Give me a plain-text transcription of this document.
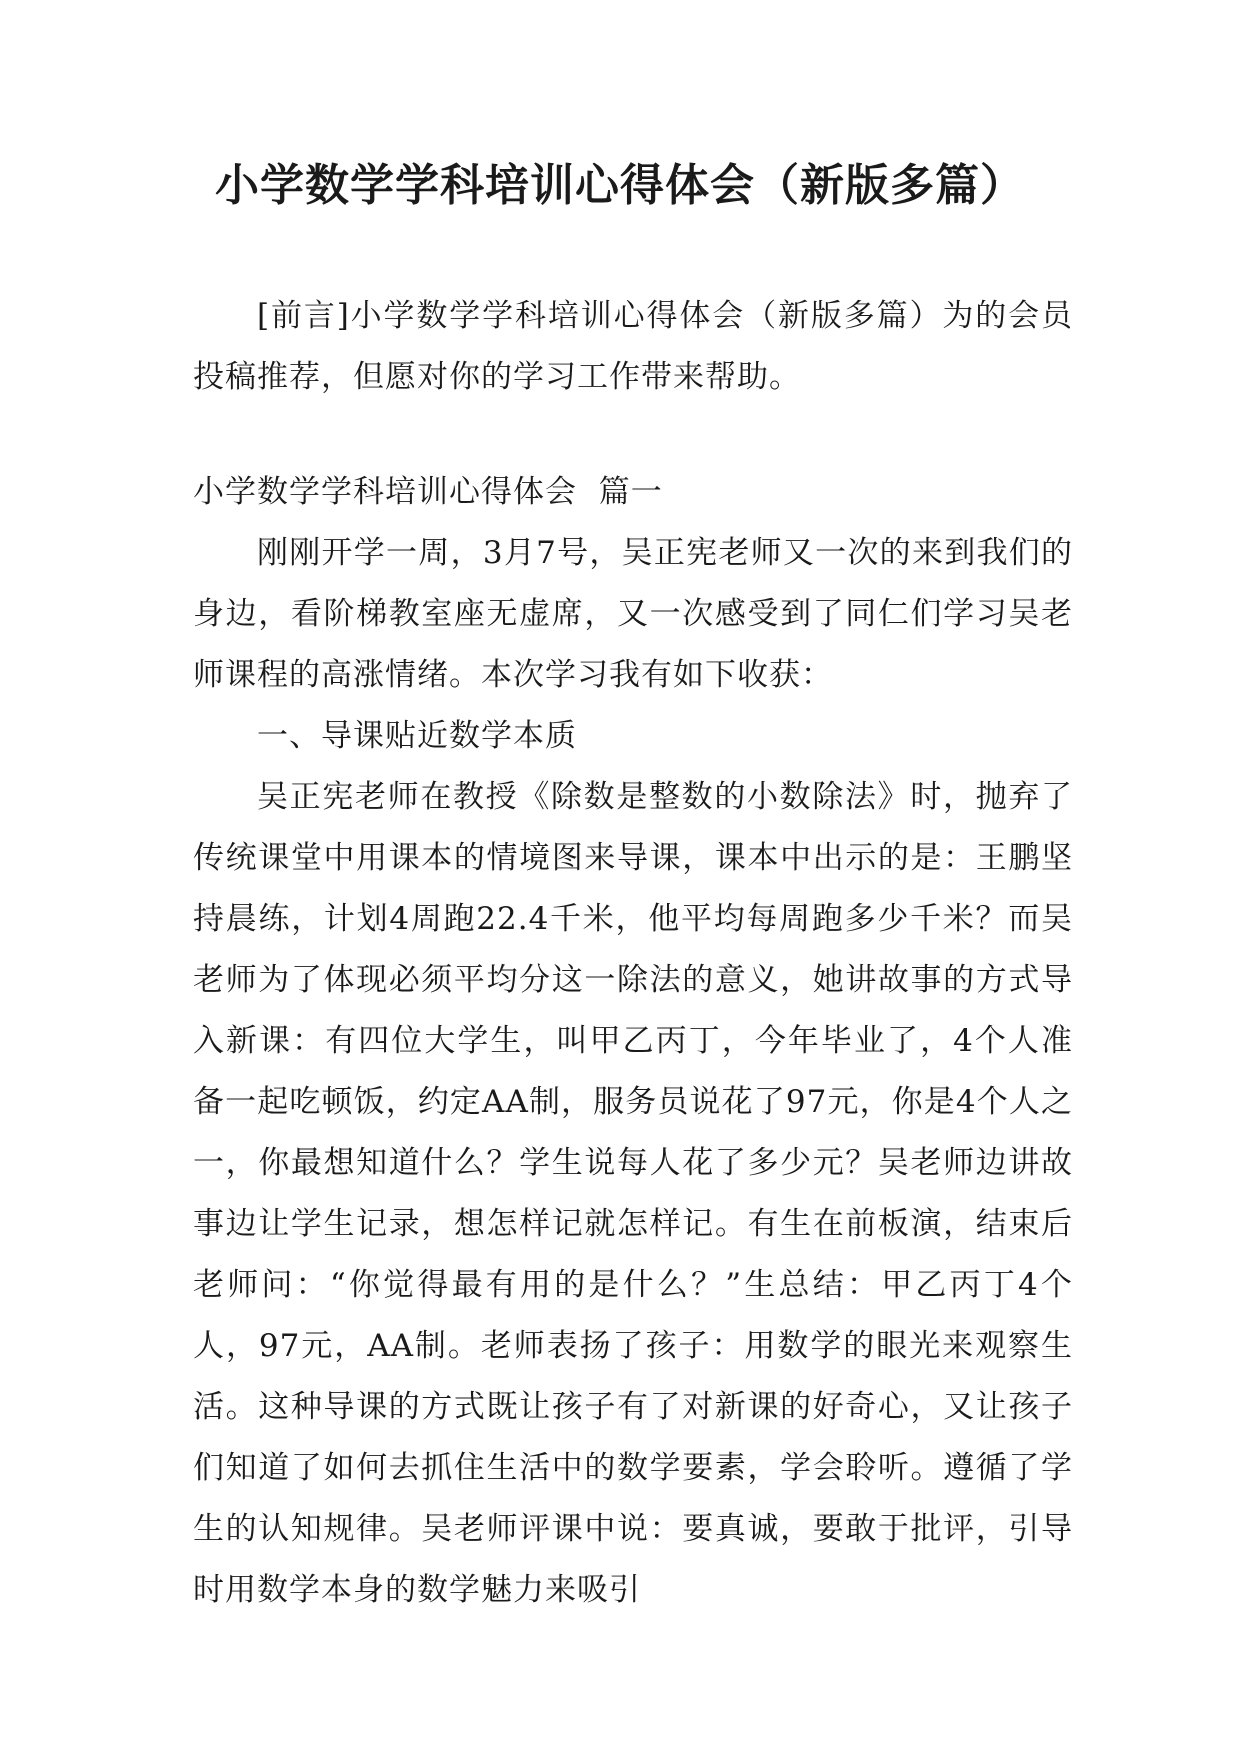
小学数学学科培训心得体会（新版多篇）

[前言]小学数学学科培训心得体会（新版多篇）为的会员投稿推荐，但愿对你的学习工作带来帮助。

小学数学学科培训心得体会  篇一

刚刚开学一周，3月7号，吴正宪老师又一次的来到我们的身边，看阶梯教室座无虚席，又一次感受到了同仁们学习吴老师课程的高涨情绪。本次学习我有如下收获：

一、导课贴近数学本质

吴正宪老师在教授《除数是整数的小数除法》时，抛弃了传统课堂中用课本的情境图来导课，课本中出示的是：王鹏坚持晨练，计划4周跑22.4千米，他平均每周跑多少千米？而吴老师为了体现必须平均分这一除法的意义，她讲故事的方式导入新课：有四位大学生，叫甲乙丙丁，今年毕业了，4个人准备一起吃顿饭，约定AA制，服务员说花了97元，你是4个人之一，你最想知道什么？学生说每人花了多少元？吴老师边讲故事边让学生记录，想怎样记就怎样记。有生在前板演，结束后老师问：“你觉得最有用的是什么？”生总结：甲乙丙丁4个人，97元，AA制。老师表扬了孩子：用数学的眼光来观察生活。这种导课的方式既让孩子有了对新课的好奇心，又让孩子们知道了如何去抓住生活中的数学要素，学会聆听。遵循了学生的认知规律。吴老师评课中说：要真诚，要敢于批评，引导时用数学本身的数学魅力来吸引
